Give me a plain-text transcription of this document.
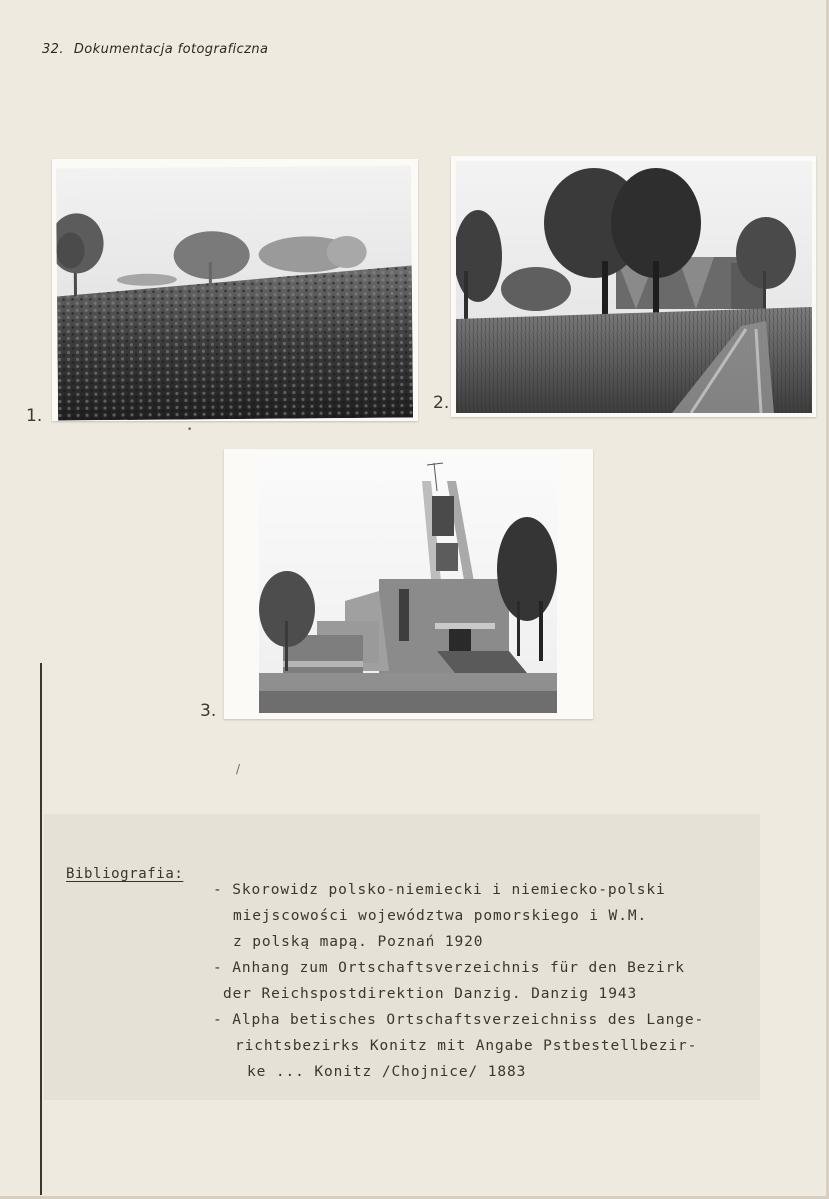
32. Dokumentacja fotograficzna
1.
2.
3.
/
•
Bibliografia:
- Skorowidz polsko-niemiecki i niemiecko-polski
miejscowości województwa pomorskiego i W.M.
z polską mapą. Poznań 1920
- Anhang zum Ortschaftsverzeichnis für den Bezirk
der Reichspostdirektion Danzig. Danzig 1943
- Alpha betisches Ortschaftsverzeichniss des Lange-
richtsbezirks Konitz mit Angabe Pstbestellbezir-
ke ... Konitz /Chojnice/ 1883
